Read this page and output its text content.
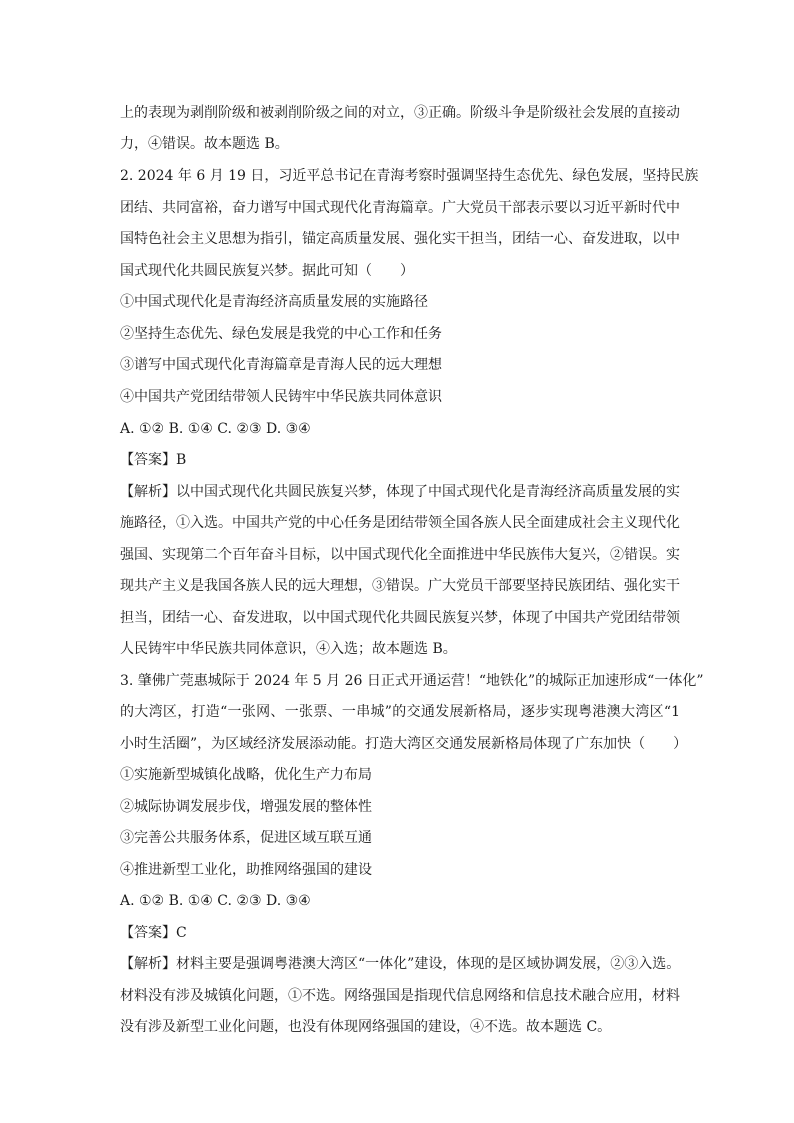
上的表现为剥削阶级和被剥削阶级之间的对立，③正确。阶级斗争是阶级社会发展的直接动
力，④错误。故本题选 B。
2. 2024 年 6 月 19 日，习近平总书记在青海考察时强调坚持生态优先、绿色发展，坚持民族
团结、共同富裕，奋力谱写中国式现代化青海篇章。广大党员干部表示要以习近平新时代中
国特色社会主义思想为指引，锚定高质量发展、强化实干担当，团结一心、奋发进取，以中
国式现代化共圆民族复兴梦。据此可知（　　）
①中国式现代化是青海经济高质量发展的实施路径
②坚持生态优先、绿色发展是我党的中心工作和任务
③谱写中国式现代化青海篇章是青海人民的远大理想
④中国共产党团结带领人民铸牢中华民族共同体意识
A. ①② B. ①④ C. ②③ D. ③④
【答案】B
【解析】以中国式现代化共圆民族复兴梦，体现了中国式现代化是青海经济高质量发展的实
施路径，①入选。中国共产党的中心任务是团结带领全国各族人民全面建成社会主义现代化
强国、实现第二个百年奋斗目标，以中国式现代化全面推进中华民族伟大复兴，②错误。实
现共产主义是我国各族人民的远大理想，③错误。广大党员干部要坚持民族团结、强化实干
担当，团结一心、奋发进取，以中国式现代化共圆民族复兴梦，体现了中国共产党团结带领
人民铸牢中华民族共同体意识，④入选；故本题选 B。
3. 肇佛广莞惠城际于 2024 年 5 月 26 日正式开通运营！“地铁化”的城际正加速形成“一体化”
的大湾区，打造“一张网、一张票、一串城”的交通发展新格局，逐步实现粤港澳大湾区“1
小时生活圈”，为区域经济发展添动能。打造大湾区交通发展新格局体现了广东加快（　　）
①实施新型城镇化战略，优化生产力布局
②城际协调发展步伐，增强发展的整体性
③完善公共服务体系，促进区域互联互通
④推进新型工业化，助推网络强国的建设
A. ①② B. ①④ C. ②③ D. ③④
【答案】C
【解析】材料主要是强调粤港澳大湾区“一体化”建设，体现的是区域协调发展，②③入选。
材料没有涉及城镇化问题，①不选。网络强国是指现代信息网络和信息技术融合应用，材料
没有涉及新型工业化问题，也没有体现网络强国的建设，④不选。故本题选 C。
